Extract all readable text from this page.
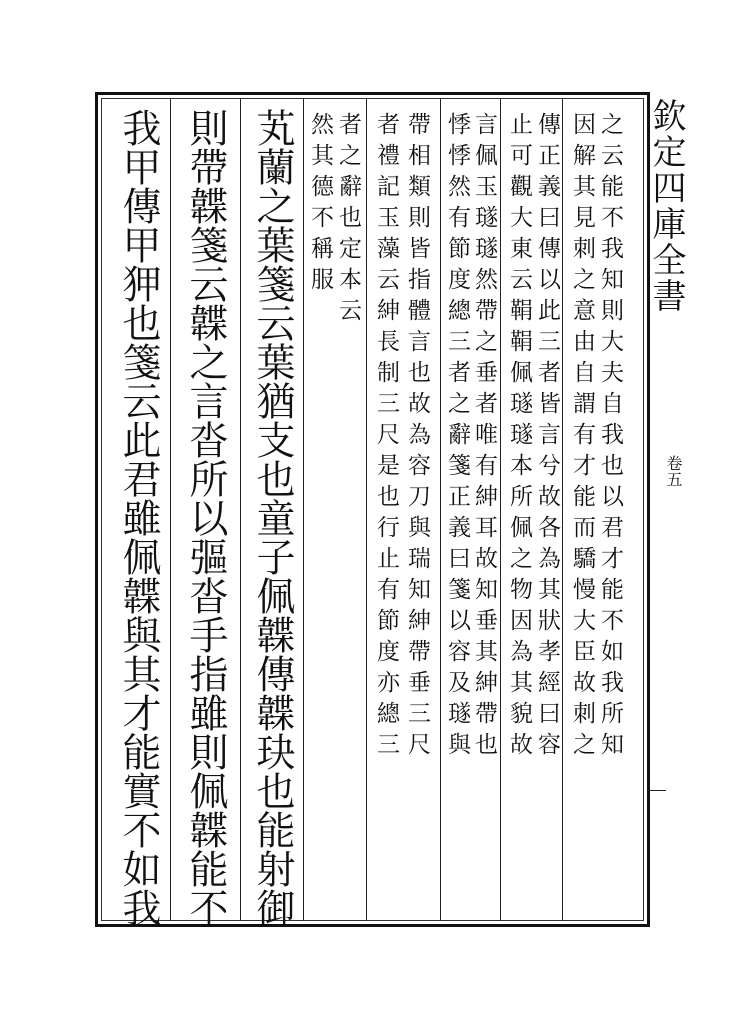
欽定四庫全書
卷五
因解其見刺之意由自謂有才能而驕慢大臣故刺之 之云能不我知則大夫自我也以君才能不如我所知
止可觀大東云鞙鞙佩璲璲本所佩之物因為其貌故 傳正義曰傳以此三者皆言兮故各為其狀孝經曰容
悸悸然有節度總三者之辭箋正義曰箋以容及璲與 言佩玉璲璲然帶之垂者唯有紳耳故知垂其紳帶也
者禮記玉藻云紳長制三尺是也行止有節度亦總三 帶相類則皆指體言也故為容刀與瑞知紳帶垂三尺
然其德不稱服 者之辭也定本云
芄蘭之葉箋云葉猶支也童子佩韘傳韘玦也能射御
則帶韘箋云韘之言沓所以彄沓手指雖則佩韘能不
我甲傳甲狎也箋云此君雖佩韘與其才能實不如我
